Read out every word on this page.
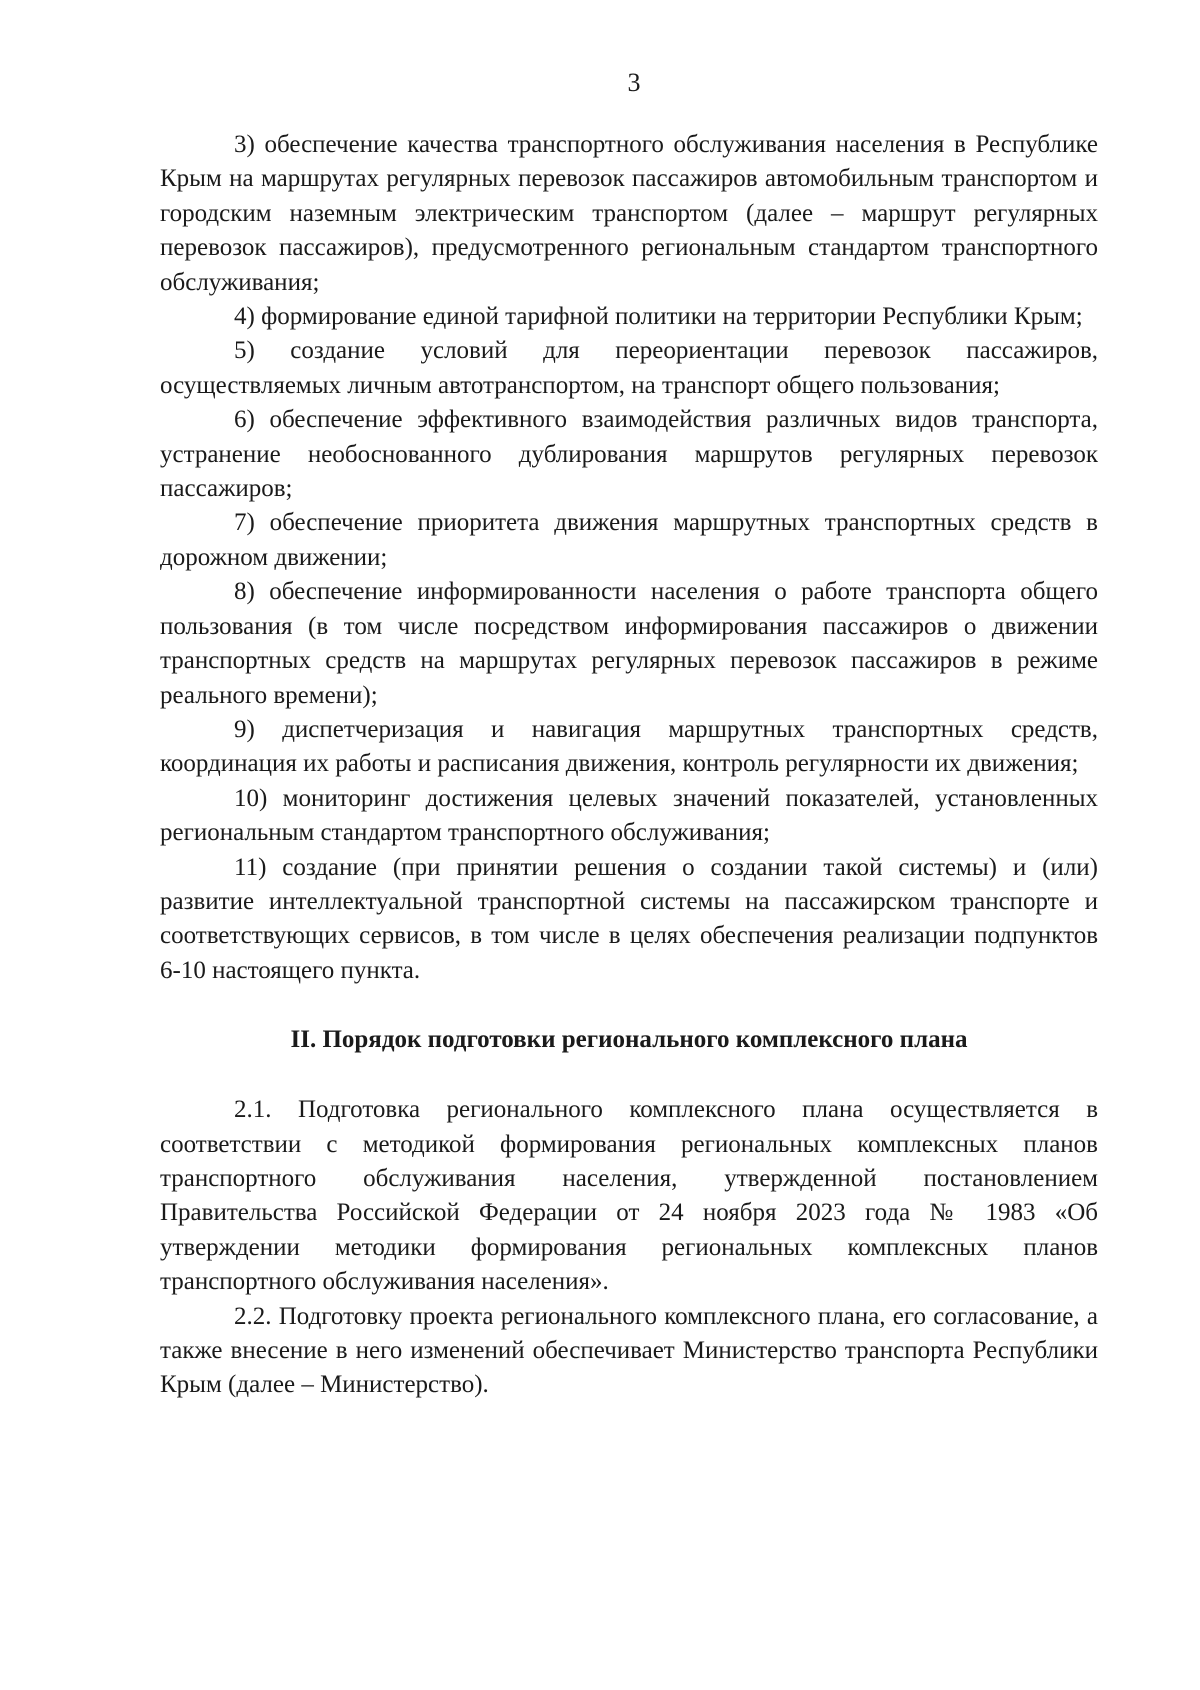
3

3) обеспечение качества транспортного обслуживания населения в Республике Крым на маршрутах регулярных перевозок пассажиров автомобильным транспортом и городским наземным электрическим транспортом (далее – маршрут регулярных перевозок пассажиров), предусмотренного региональным стандартом транспортного обслуживания;

4) формирование единой тарифной политики на территории Республики Крым;

5) создание условий для переориентации перевозок пассажиров, осуществляемых личным автотранспортом, на транспорт общего пользования;

6) обеспечение эффективного взаимодействия различных видов транспорта, устранение необоснованного дублирования маршрутов регулярных перевозок пассажиров;

7) обеспечение приоритета движения маршрутных транспортных средств в дорожном движении;

8) обеспечение информированности населения о работе транспорта общего пользования (в том числе посредством информирования пассажиров о движении транспортных средств на маршрутах регулярных перевозок пассажиров в режиме реального времени);

9) диспетчеризация и навигация маршрутных транспортных средств, координация их работы и расписания движения, контроль регулярности их движения;

10) мониторинг достижения целевых значений показателей, установленных региональным стандартом транспортного обслуживания;

11) создание (при принятии решения о создании такой системы) и (или) развитие интеллектуальной транспортной системы на пассажирском транспорте и соответствующих сервисов, в том числе в целях обеспечения реализации подпунктов 6-10 настоящего пункта.

II. Порядок подготовки регионального комплексного плана

2.1. Подготовка регионального комплексного плана осуществляется в соответствии с методикой формирования региональных комплексных планов транспортного обслуживания населения, утвержденной постановлением Правительства Российской Федерации от 24 ноября 2023 года № 1983 «Об утверждении методики формирования региональных комплексных планов транспортного обслуживания населения».

2.2. Подготовку проекта регионального комплексного плана, его согласование, а также внесение в него изменений обеспечивает Министерство транспорта Республики Крым (далее – Министерство).
